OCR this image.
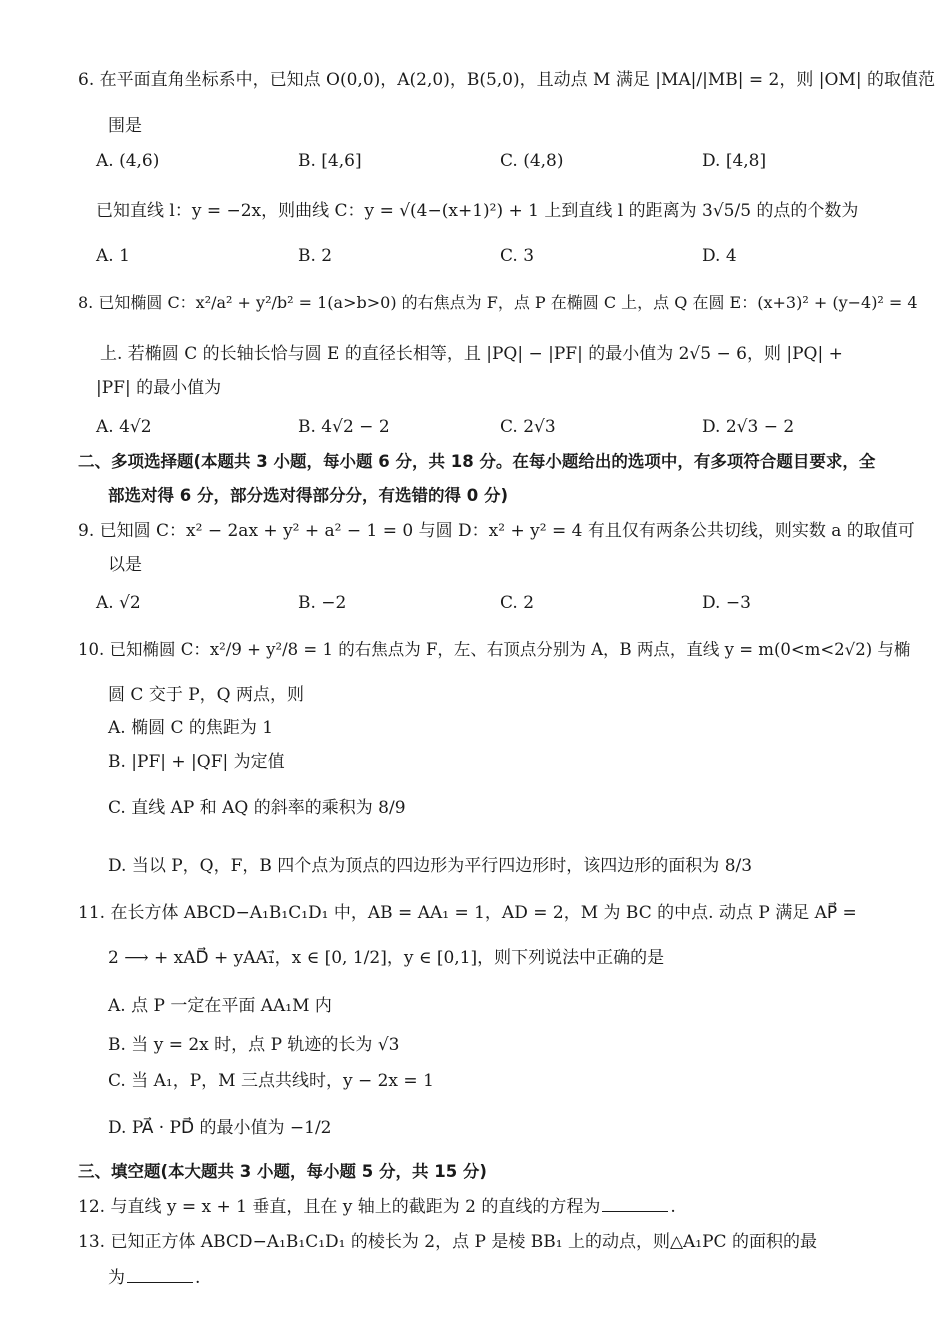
6. 在平面直角坐标系中，已知点 O(0,0)，A(2,0)，B(5,0)，且动点 M 满足 |MA|/|MB| = 2，则 |OM| 的取值范
围是
A. (4,6)	B. [4,6]	C. (4,8)	D. [4,8]
已知直线 l：y = −2x，则曲线 C：y = √(4−(x+1)²) + 1 上到直线 l 的距离为 3√5/5 的点的个数为
A. 1	B. 2	C. 3	D. 4
8. 已知椭圆 C：x²/a² + y²/b² = 1(a>b>0) 的右焦点为 F，点 P 在椭圆 C 上，点 Q 在圆 E：(x+3)² + (y−4)² = 4
上. 若椭圆 C 的长轴长恰与圆 E 的直径长相等，且 |PQ| − |PF| 的最小值为 2√5 − 6，则 |PQ| +
|PF| 的最小值为
A. 4√2	B. 4√2 − 2	C. 2√3	D. 2√3 − 2
二、多项选择题(本题共 3 小题，每小题 6 分，共 18 分。在每小题给出的选项中，有多项符合题目要求，全
部选对得 6 分，部分选对得部分分，有选错的得 0 分)
9. 已知圆 C：x² − 2ax + y² + a² − 1 = 0 与圆 D：x² + y² = 4 有且仅有两条公共切线，则实数 a 的取值可
以是
A. √2	B. −2	C. 2	D. −3
10. 已知椭圆 C：x²/9 + y²/8 = 1 的右焦点为 F，左、右顶点分别为 A，B 两点，直线 y = m(0<m<2√2) 与椭
圆 C 交于 P，Q 两点，则
A. 椭圆 C 的焦距为 1
B. |PF| + |QF| 为定值
C. 直线 AP 和 AQ 的斜率的乘积为 8/9
D. 当以 P，Q，F，B 四个点为顶点的四边形为平行四边形时，该四边形的面积为 8/3
11. 在长方体 ABCD−A₁B₁C₁D₁ 中，AB = AA₁ = 1，AD = 2，M 为 BC 的中点. 动点 P 满足 AP⃗ =
2 ⟶ + xAD⃗ + yAA₁⃗，x ∈ [0, 1/2]，y ∈ [0,1]，则下列说法中正确的是
A. 点 P 一定在平面 AA₁M 内
B. 当 y = 2x 时，点 P 轨迹的长为 √3
C. 当 A₁，P，M 三点共线时，y − 2x = 1
D. PA⃗ · PD⃗ 的最小值为 −1/2
三、填空题(本大题共 3 小题，每小题 5 分，共 15 分)
12. 与直线 y = x + 1 垂直，且在 y 轴上的截距为 2 的直线的方程为	.
13. 已知正方体 ABCD−A₁B₁C₁D₁ 的棱长为 2，点 P 是棱 BB₁ 上的动点，则△A₁PC 的面积的最
为	.
